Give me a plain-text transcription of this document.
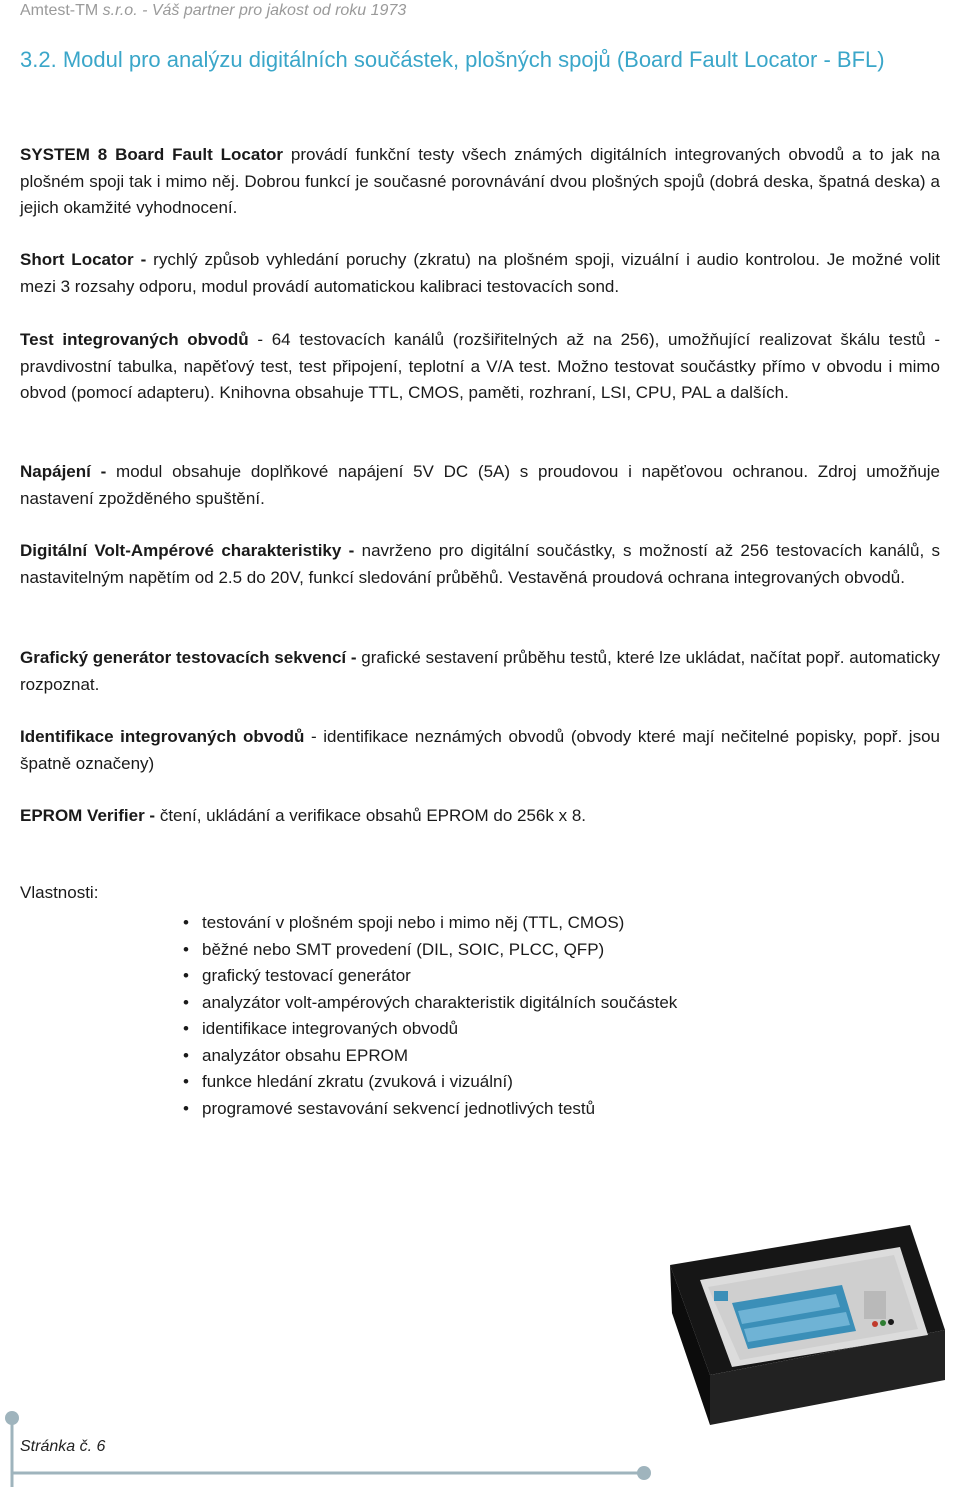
Amtest-TM s.r.o. - Váš partner pro jakost od roku 1973
3.2. Modul pro analýzu digitálních součástek, plošných spojů (Board Fault Locator - BFL)
SYSTEM 8 Board Fault Locator provádí funkční testy všech známých digitálních integrovaných obvodů a to jak na plošném spoji tak i mimo něj. Dobrou funkcí je současné porovnávání dvou plošných spojů (dobrá deska, špatná deska) a jejich okamžité vyhodnocení.
Short Locator - rychlý způsob vyhledání poruchy (zkratu) na plošném spoji, vizuální i audio kontrolou. Je možné volit mezi 3 rozsahy odporu, modul provádí automatickou kalibraci testovacích sond.
Test integrovaných obvodů - 64 testovacích kanálů (rozšiřitelných až na 256), umožňující realizovat škálu testů - pravdivostní tabulka, napěťový test, test připojení, teplotní a V/A test. Možno testovat součástky přímo v obvodu i mimo obvod (pomocí adapteru). Knihovna obsahuje TTL, CMOS, paměti, rozhraní, LSI, CPU, PAL a dalších.
Napájení - modul obsahuje doplňkové napájení 5V DC (5A) s proudovou i napěťovou ochranou. Zdroj umožňuje nastavení zpožděného spuštění.
Digitální Volt-Ampérové charakteristiky - navrženo pro digitální součástky, s možností až 256 testovacích kanálů, s nastavitelným napětím od 2.5 do 20V, funkcí sledování průběhů. Vestavěná proudová ochrana integrovaných obvodů.
Grafický generátor testovacích sekvencí - grafické sestavení průběhu testů, které lze ukládat, načítat popř. automaticky rozpoznat.
Identifikace integrovaných obvodů - identifikace neznámých obvodů (obvody které mají nečitelné popisky, popř. jsou špatně označeny)
EPROM Verifier - čtení, ukládání a verifikace obsahů EPROM do 256k x 8.
Vlastnosti:
• testování v plošném spoji nebo i mimo něj (TTL, CMOS)
• běžné nebo SMT provedení (DIL, SOIC, PLCC, QFP)
• grafický testovací generátor
• analyzátor volt-ampérových charakteristik digitálních součástek
• identifikace integrovaných obvodů
• analyzátor obsahu EPROM
• funkce hledání zkratu (zvuková i vizuální)
• programové sestavování sekvencí jednotlivých testů
Stránka č. 6
